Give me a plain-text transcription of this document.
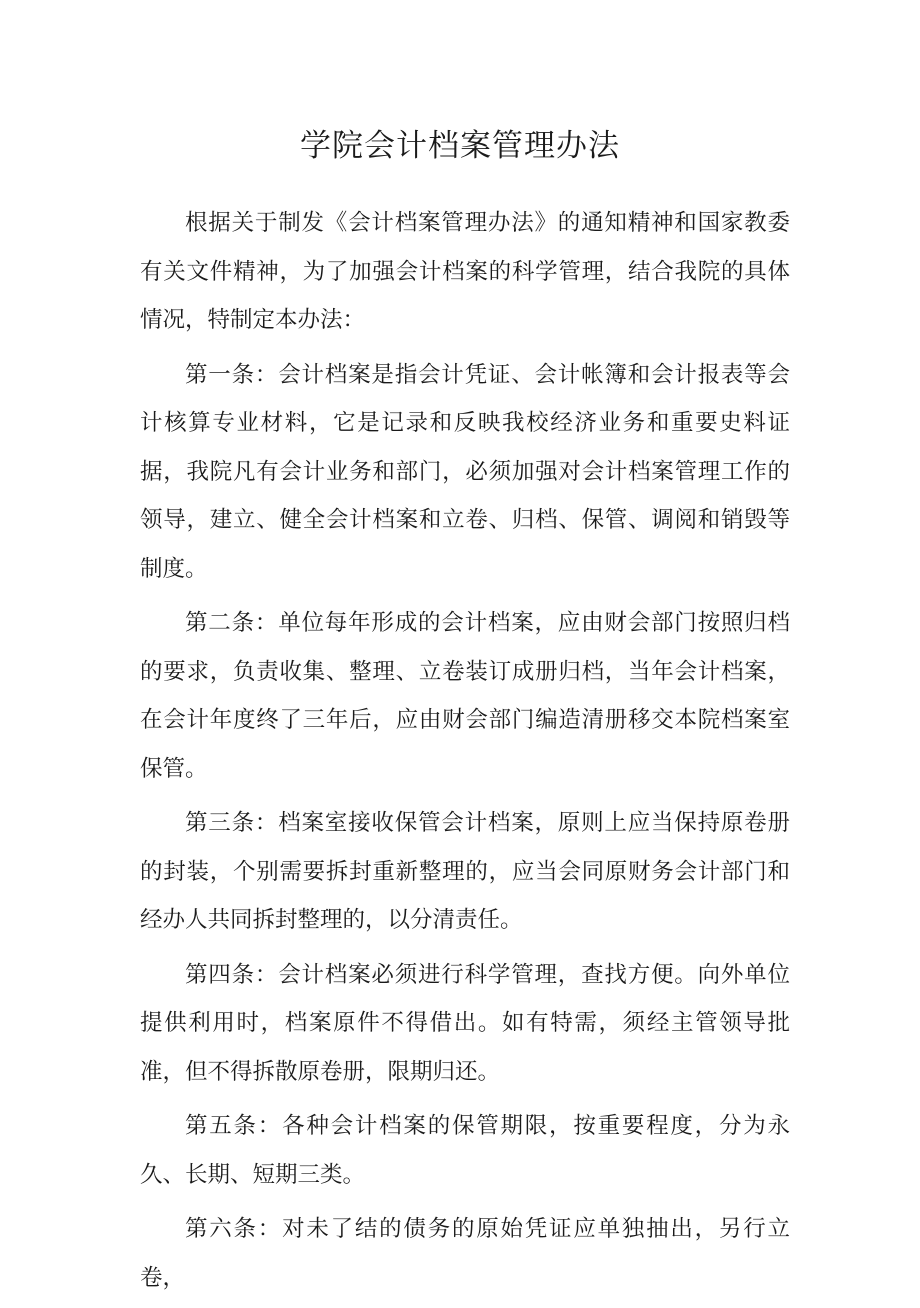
学院会计档案管理办法

根据关于制发《会计档案管理办法》的通知精神和国家教委有关文件精神，为了加强会计档案的科学管理，结合我院的具体情况，特制定本办法：

第一条：会计档案是指会计凭证、会计帐簿和会计报表等会计核算专业材料，它是记录和反映我校经济业务和重要史料证据，我院凡有会计业务和部门，必须加强对会计档案管理工作的领导，建立、健全会计档案和立卷、归档、保管、调阅和销毁等制度。

第二条：单位每年形成的会计档案，应由财会部门按照归档的要求，负责收集、整理、立卷装订成册归档，当年会计档案，在会计年度终了三年后，应由财会部门编造清册移交本院档案室保管。

第三条：档案室接收保管会计档案，原则上应当保持原卷册的封装，个别需要拆封重新整理的，应当会同原财务会计部门和经办人共同拆封整理的，以分清责任。

第四条：会计档案必须进行科学管理，查找方便。向外单位提供利用时，档案原件不得借出。如有特需，须经主管领导批准，但不得拆散原卷册，限期归还。

第五条：各种会计档案的保管期限，按重要程度，分为永久、长期、短期三类。

第六条：对未了结的债务的原始凭证应单独抽出，另行立卷，
